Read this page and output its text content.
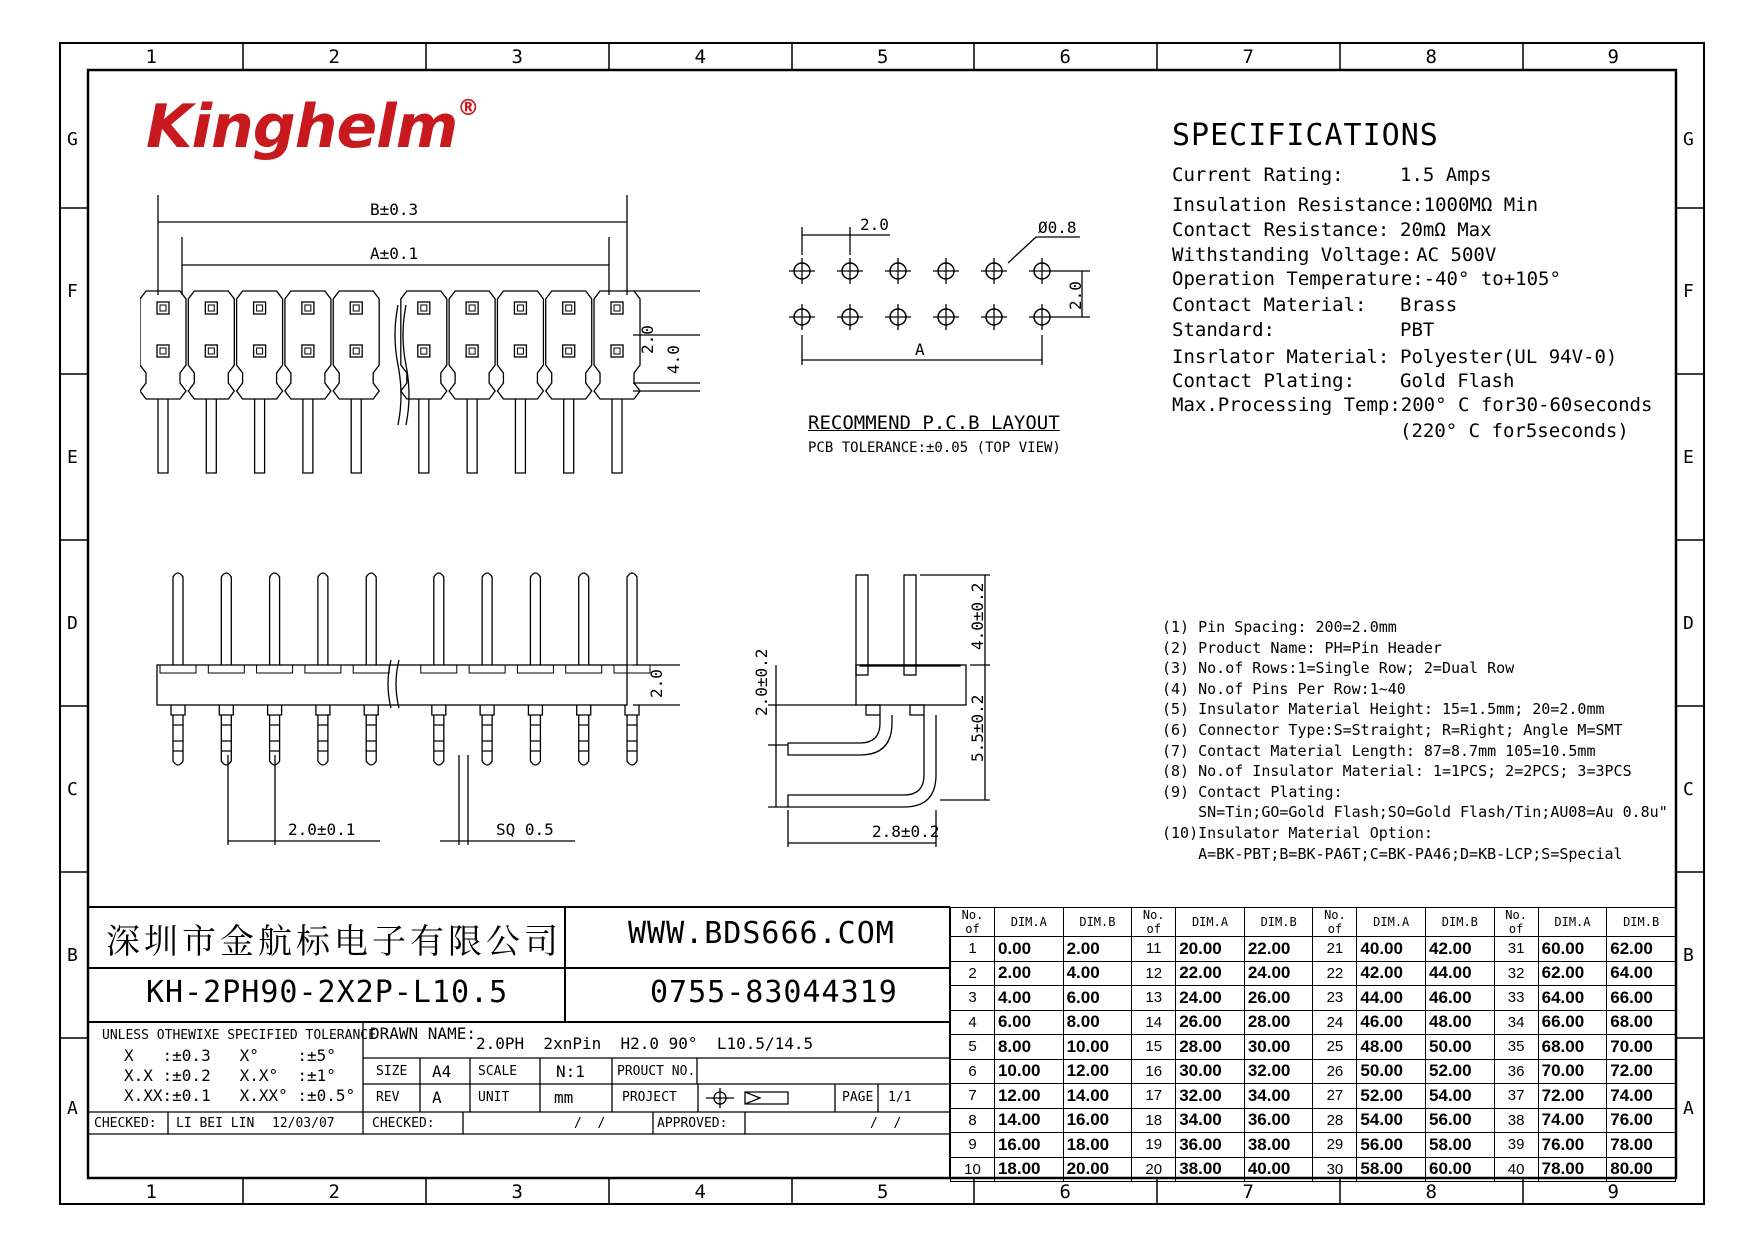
1
1
2
2
3
3
4
4
5
5
6
6
7
7
8
8
9
9
G	G
F	F
E	E
D	D
C	C
B	B
A	A
Kinghelm®
B±0.3
A±0.1
2.0
4.0
2.0	Ø0.8
A
2.0
RECOMMEND P.C.B LAYOUT
PCB TOLERANCE:±0.05 (TOP VIEW)
SPECIFICATIONS
Current Rating:	1.5 Amps
Insulation Resistance:1000MΩ Min
Contact Resistance: 20mΩ Max
Withstanding Voltage: AC 500V
Operation Temperature:-40° to+105°
Contact Material: Brass
Standard:	PBT
Insrlator Material: Polyester(UL 94V-0)
Contact Plating: Gold Flash
Max.Processing Temp:200° C for30-60seconds
(220° C for5seconds)
2.0±0.1	SQ 0.5
2.0
2.8±0.2
4.0±0.2
2.0±0.2
5.5±0.2
(1) Pin Spacing: 200=2.0mm
(2) Product Name: PH=Pin Header
(3) No.of Rows:1=Single Row; 2=Dual Row
(4) No.of Pins Per Row:1~40
(5) Insulator Material Height: 15=1.5mm; 20=2.0mm
(6) Connector Type:S=Straight; R=Right; Angle M=SMT
(7) Contact Material Length: 87=8.7mm 105=10.5mm
(8) No.of Insulator Material: 1=1PCS; 2=2PCS; 3=3PCS
(9) Contact Plating:
SN=Tin;GO=Gold Flash;SO=Gold Flash/Tin;AU08=Au 0.8u"
(10)Insulator Material Option:
A=BK-PBT;B=BK-PA6T;C=BK-PA46;D=KB-LCP;S=Special
深圳市金航标电子有限公司 WWW.BDS666.COM
KH-2PH90-2X2P-L10.5	0755-83044319
UNLESS OTHEWIXE SPECIFIED TOLERANCE
X   :±0.3   X°    :±5°
X.X :±0.2   X.X°  :±1°
X.XX:±0.1   X.XX° :±0.5°
DRAWN NAME:
2.0PH  2xnPin  H2.0 90°  L10.5/14.5
SIZE A4 SCALE N:1 PROUCT NO.
REV A	UNIT	mm	PROJECT	PAGE 1/1
CHECKED: LI BEI LIN 12/03/07	CHECKED:	/  /	APPROVED:	/  /
No. of	DIM.A	DIM.B	No. of	DIM.A	DIM.B	No. of	DIM.A	DIM.B	No. of	DIM.A	DIM.B
1	0.00	2.00	11	20.00	22.00	21	40.00	42.00	31	60.00	62.00
2	2.00	4.00	12	22.00	24.00	22	42.00	44.00	32	62.00	64.00
3	4.00	6.00	13	24.00	26.00	23	44.00	46.00	33	64.00	66.00
4	6.00	8.00	14	26.00	28.00	24	46.00	48.00	34	66.00	68.00
5	8.00	10.00	15	28.00	30.00	25	48.00	50.00	35	68.00	70.00
6	10.00	12.00	16	30.00	32.00	26	50.00	52.00	36	70.00	72.00
7	12.00	14.00	17	32.00	34.00	27	52.00	54.00	37	72.00	74.00
8	14.00	16.00	18	34.00	36.00	28	54.00	56.00	38	74.00	76.00
9	16.00	18.00	19	36.00	38.00	29	56.00	58.00	39	76.00	78.00
10	18.00	20.00	20	38.00	40.00	30	58.00	60.00	40	78.00	80.00
